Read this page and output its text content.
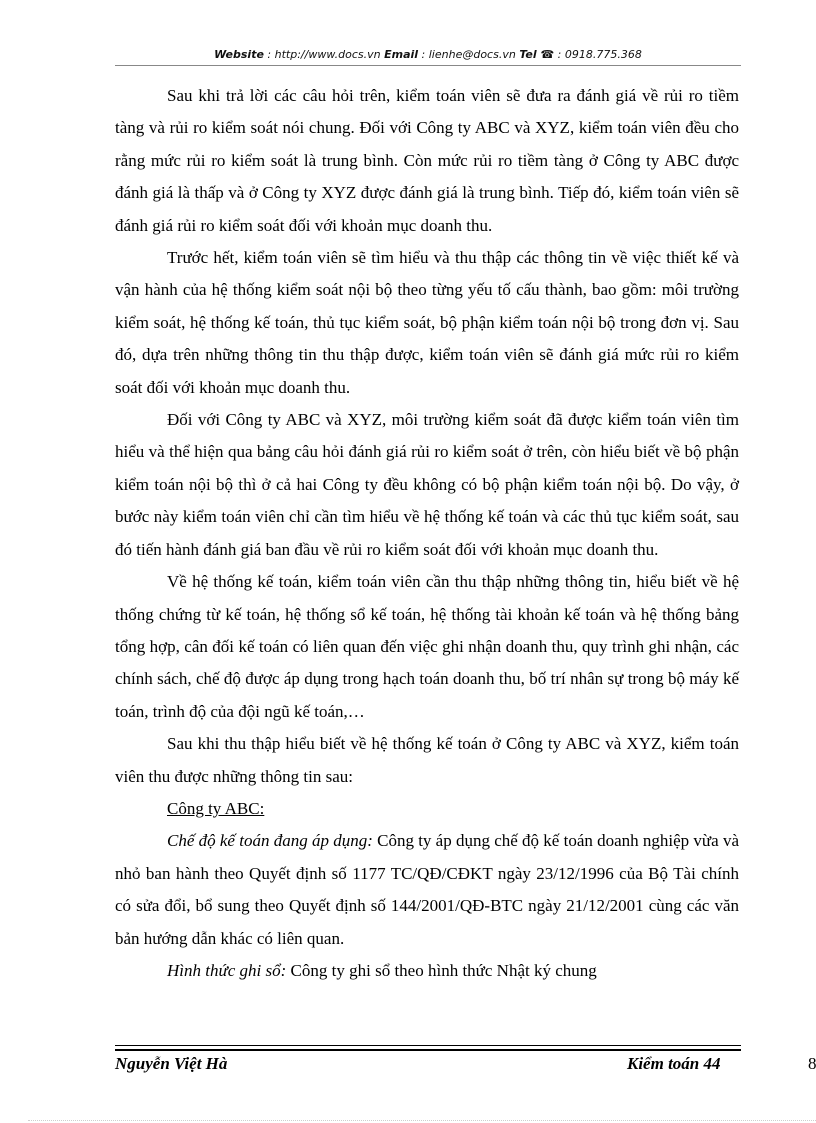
Website : http://www.docs.vn Email : lienhe@docs.vn Tel ☎ : 0918.775.368

Sau khi trả lời các câu hỏi trên, kiểm toán viên sẽ đưa ra đánh giá về rủi ro tiềm tàng và rủi ro kiểm soát nói chung. Đối với Công ty ABC và XYZ, kiểm toán viên đều cho rằng mức rủi ro kiểm soát là trung bình. Còn mức rủi ro tiềm tàng ở Công ty ABC được đánh giá là thấp và ở Công ty XYZ được đánh giá là trung bình. Tiếp đó, kiểm toán viên sẽ đánh giá rủi ro kiểm soát đối với khoản mục doanh thu.

Trước hết, kiểm toán viên sẽ tìm hiểu và thu thập các thông tin về việc thiết kế và vận hành của hệ thống kiểm soát nội bộ theo từng yếu tố cấu thành, bao gồm: môi trường kiểm soát, hệ thống kế toán, thủ tục kiểm soát, bộ phận kiểm toán nội bộ trong đơn vị. Sau đó, dựa trên những thông tin thu thập được, kiểm toán viên sẽ đánh giá mức rủi ro kiểm soát đối với khoản mục doanh thu.

Đối với Công ty ABC và XYZ, môi trường kiểm soát đã được kiểm toán viên tìm hiểu và thể hiện qua bảng câu hỏi đánh giá rủi ro kiểm soát ở trên, còn hiểu biết về bộ phận kiểm toán nội bộ thì ở cả hai Công ty đều không có bộ phận kiểm toán nội bộ. Do vậy, ở bước này kiểm toán viên chỉ cần tìm hiểu về hệ thống kế toán và các thủ tục kiểm soát, sau đó tiến hành đánh giá ban đầu về rủi ro kiểm soát đối với khoản mục doanh thu.

Về hệ thống kế toán, kiểm toán viên cần thu thập những thông tin, hiểu biết về hệ thống chứng từ kế toán, hệ thống sổ kế toán, hệ thống tài khoản kế toán và hệ thống bảng tổng hợp, cân đối kế toán có liên quan đến việc ghi nhận doanh thu, quy trình ghi nhận, các chính sách, chế độ được áp dụng trong hạch toán doanh thu, bố trí nhân sự trong bộ máy kế toán, trình độ của đội ngũ kế toán,…

Sau khi thu thập hiểu biết về hệ thống kế toán ở Công ty ABC và XYZ, kiểm toán viên thu được những thông tin sau:

Công ty ABC:

Chế độ kế toán đang áp dụng: Công ty áp dụng chế độ kế toán doanh nghiệp vừa và nhỏ ban hành theo Quyết định số 1177 TC/QĐ/CĐKT ngày 23/12/1996 của Bộ Tài chính có sửa đổi, bổ sung theo Quyết định số 144/2001/QĐ-BTC ngày 21/12/2001 cùng các văn bản hướng dẫn khác có liên quan.

Hình thức ghi sổ: Công ty ghi sổ theo hình thức Nhật ký chung

Nguyễn Việt Hà	Kiểm toán 44	8
